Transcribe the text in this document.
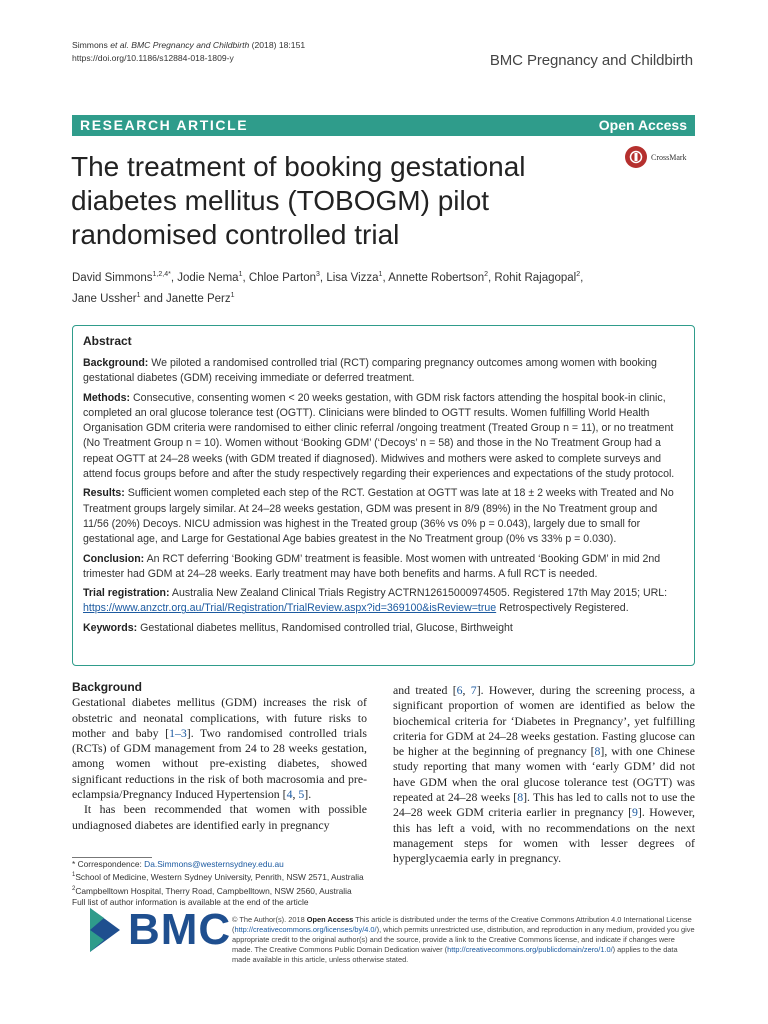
Simmons et al. BMC Pregnancy and Childbirth (2018) 18:151
https://doi.org/10.1186/s12884-018-1809-y	BMC Pregnancy and Childbirth
RESEARCH ARTICLE	Open Access
The treatment of booking gestational diabetes mellitus (TOBOGM) pilot randomised controlled trial
CrossMark
David Simmons$^{1,2,4*}$, Jodie Nema$^1$, Chloe Parton$^3$, Lisa Vizza$^1$, Annette Robertson$^2$, Rohit Rajagopal$^2$,
Jane Ussher$^1$ and Janette Perz$^1$
Abstract

Background: We piloted a randomised controlled trial (RCT) comparing pregnancy outcomes among women with booking gestational diabetes (GDM) receiving immediate or deferred treatment.

Methods: Consecutive, consenting women < 20 weeks gestation, with GDM risk factors attending the hospital book-in clinic, completed an oral glucose tolerance test (OGTT). Clinicians were blinded to OGTT results. Women fulfilling World Health Organisation GDM criteria were randomised to either clinic referral /ongoing treatment (Treated Group n = 11), or no treatment (No Treatment Group n = 10). Women without ‘Booking GDM’ (‘Decoys’ n = 58) and those in the No Treatment Group had a repeat OGTT at 24–28 weeks (with GDM treated if diagnosed). Midwives and mothers were asked to complete surveys and attend focus groups before and after the study respectively regarding their experiences and expectations of the study protocol.

Results: Sufficient women completed each step of the RCT. Gestation at OGTT was late at 18 ± 2 weeks with Treated and No Treatment groups largely similar. At 24–28 weeks gestation, GDM was present in 8/9 (89%) in the No Treatment group and 11/56 (20%) Decoys. NICU admission was highest in the Treated group (36% vs 0% p = 0.043), largely due to small for gestational age, and Large for Gestational Age babies greatest in the No Treatment group (0% vs 33% p = 0.030).

Conclusion: An RCT deferring ‘Booking GDM’ treatment is feasible. Most women with untreated ‘Booking GDM’ in mid 2nd trimester had GDM at 24–28 weeks. Early treatment may have both benefits and harms. A full RCT is needed.

Trial registration: Australia New Zealand Clinical Trials Registry ACTRN12615000974505. Registered 17th May 2015; URL:
https://www.anzctr.org.au/Trial/Registration/TrialReview.aspx?id=369100&isReview=true Retrospectively Registered.

Keywords: Gestational diabetes mellitus, Randomised controlled trial, Glucose, Birthweight

Background

Gestational diabetes mellitus (GDM) increases the risk of obstetric and neonatal complications, with future risks to mother and baby [1–3]. Two randomised controlled trials (RCTs) of GDM management from 24 to 28 weeks gestation, among women without pre-existing diabetes, showed significant reductions in the risk of both macrosomia and pre-eclampsia/Pregnancy Induced Hypertension [4, 5].

It has been recommended that women with possible undiagnosed diabetes are identified early in pregnancy

and treated [6, 7]. However, during the screening process, a significant proportion of women are identified as below the biochemical criteria for ‘Diabetes in Pregnancy’, yet fulfilling criteria for GDM at 24–28 weeks gestation. Fasting glucose can be higher at the beginning of pregnancy [8], with one Chinese study reporting that many women with ‘early GDM’ did not have GDM when the oral glucose tolerance test (OGTT) was repeated at 24–28 weeks [8]. This has led to calls not to use the 24–28 week GDM criteria earlier in pregnancy [9]. However, this has left a void, with no recommendations on the next management steps for women with lesser degrees of hyperglycaemia early in pregnancy.

* Correspondence: Da.Simmons@westernsydney.edu.au
$^1$School of Medicine, Western Sydney University, Penrith, NSW 2571, Australia
$^2$Campbelltown Hospital, Therry Road, Campbelltown, NSW 2560, Australia
Full list of author information is available at the end of the article
BMC © The Author(s). 2018 Open Access This article is distributed under the terms of the Creative Commons Attribution 4.0 International License (http://creativecommons.org/licenses/by/4.0/), which permits unrestricted use, distribution, and reproduction in any medium, provided you give appropriate credit to the original author(s) and the source, provide a link to the Creative Commons license, and indicate if changes were made. The Creative Commons Public Domain Dedication waiver (http://creativecommons.org/publicdomain/zero/1.0/) applies to the data made available in this article, unless otherwise stated.
